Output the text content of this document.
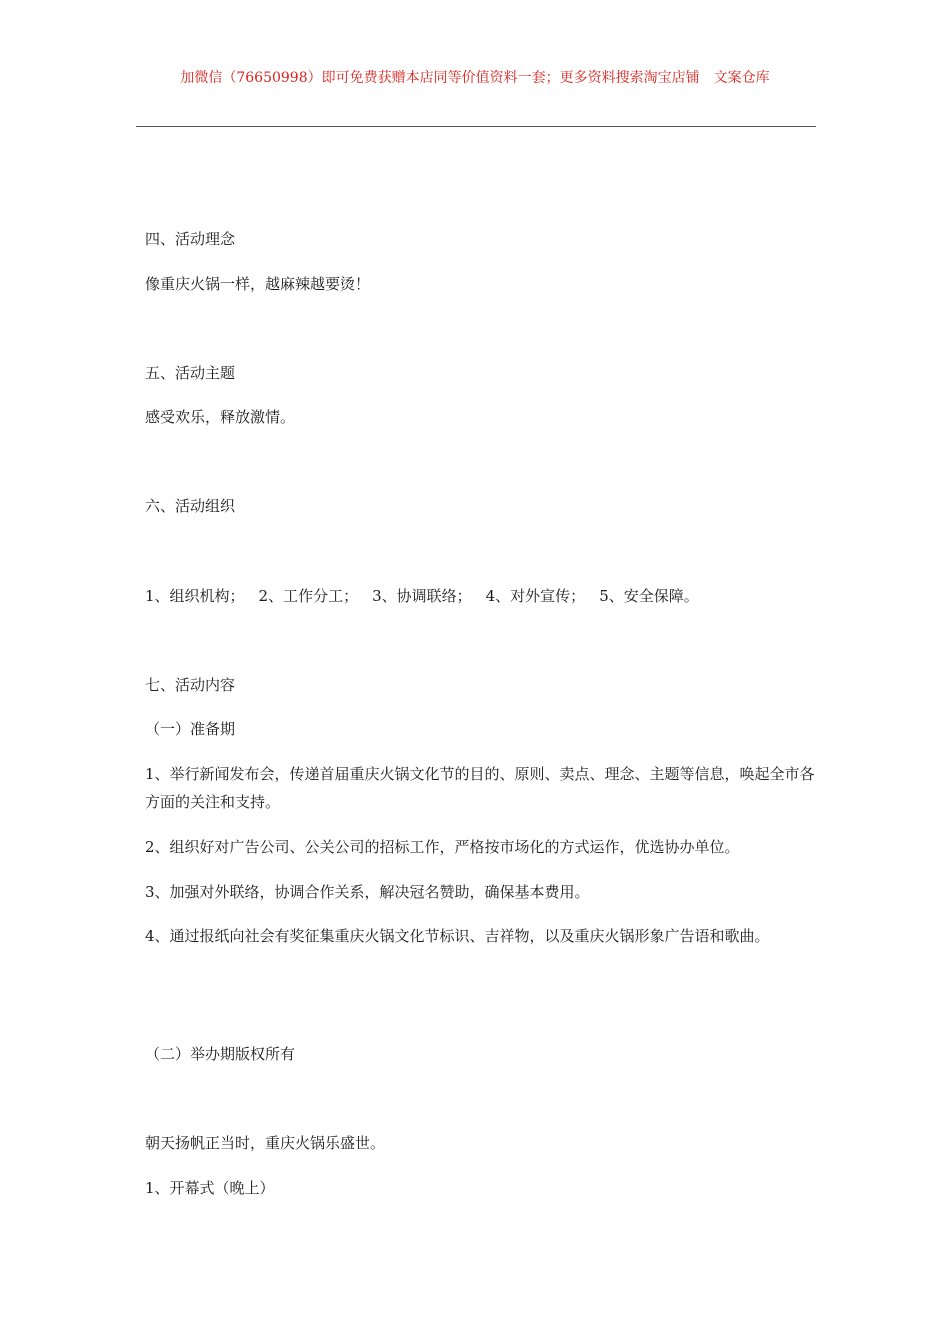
加微信（76650998）即可免费获赠本店同等价值资料一套；更多资料搜索淘宝店铺　文案仓库
四、活动理念
像重庆火锅一样，越麻辣越要烫！
五、活动主题
感受欢乐，释放激情。
六、活动组织
1、组织机构； 2、工作分工； 3、协调联络； 4、对外宣传； 5、安全保障。
七、活动内容
（一）准备期
1、举行新闻发布会，传递首届重庆火锅文化节的目的、原则、卖点、理念、主题等信息，唤起全市各方面的关注和支持。
2、组织好对广告公司、公关公司的招标工作，严格按市场化的方式运作，优选协办单位。
3、加强对外联络，协调合作关系，解决冠名赞助，确保基本费用。
4、通过报纸向社会有奖征集重庆火锅文化节标识、吉祥物，以及重庆火锅形象广告语和歌曲。
（二）举办期版权所有
朝天扬帆正当时，重庆火锅乐盛世。
1、开幕式（晚上）
